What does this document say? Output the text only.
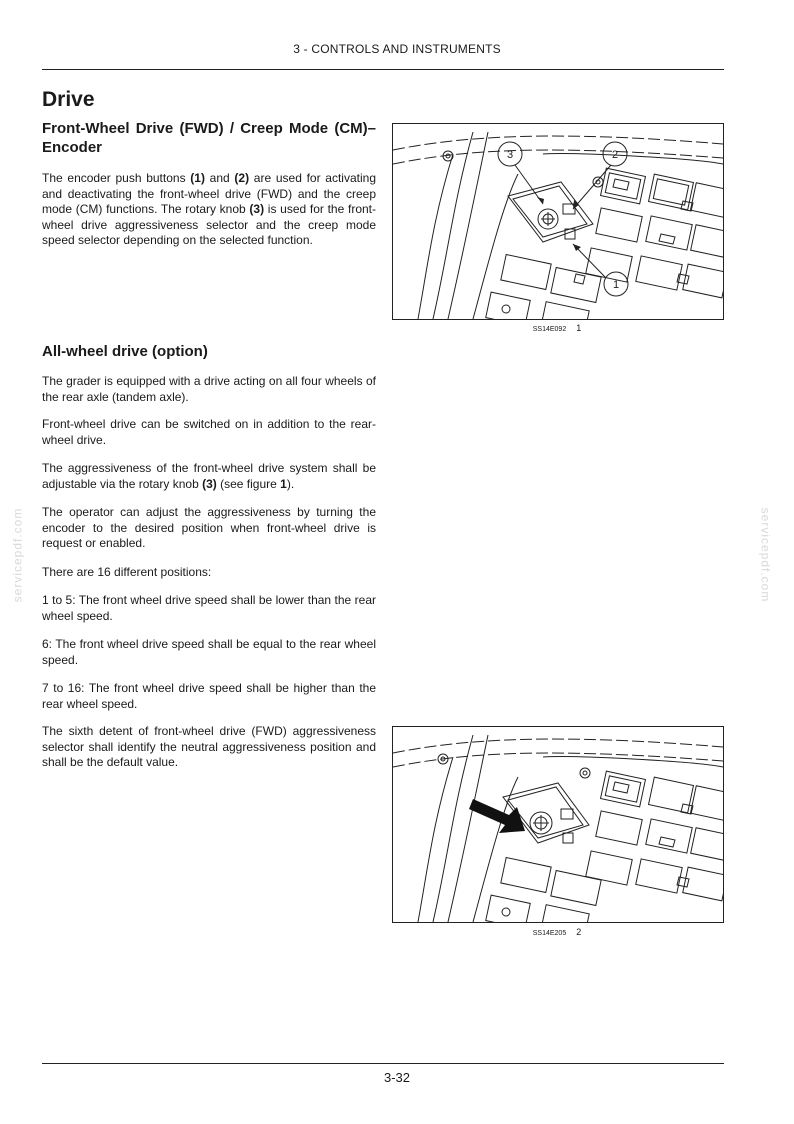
3 - CONTROLS AND INSTRUMENTS
Drive
Front-Wheel Drive (FWD) / Creep Mode (CM)–Encoder

The encoder push buttons (1) and (2) are used for activating and deactivating the front-wheel drive (FWD) and the creep mode (CM) functions. The rotary knob (3) is used for the front-wheel drive aggressiveness selector and the creep mode speed selector depending on the selected function.

3	2
1
SS14E092 1
All-wheel drive (option)

The grader is equipped with a drive acting on all four wheels of the rear axle (tandem axle).

Front-wheel drive can be switched on in addition to the rear-wheel drive.

The aggressiveness of the front-wheel drive system shall be adjustable via the rotary knob (3) (see figure 1).

The operator can adjust the aggressiveness by turning the encoder to the desired position when front-wheel drive is request or enabled.

There are 16 different positions:

1 to 5: The front wheel drive speed shall be lower than the rear wheel speed.

6: The front wheel drive speed shall be equal to the rear wheel speed.

7 to 16: The front wheel drive speed shall be higher than the rear wheel speed.

The sixth detent of front-wheel drive (FWD) aggressiveness selector shall identify the neutral aggressiveness position and shall be the default value.

SS14E205 2
servicepdf.com	servicepdf.com
3-32
